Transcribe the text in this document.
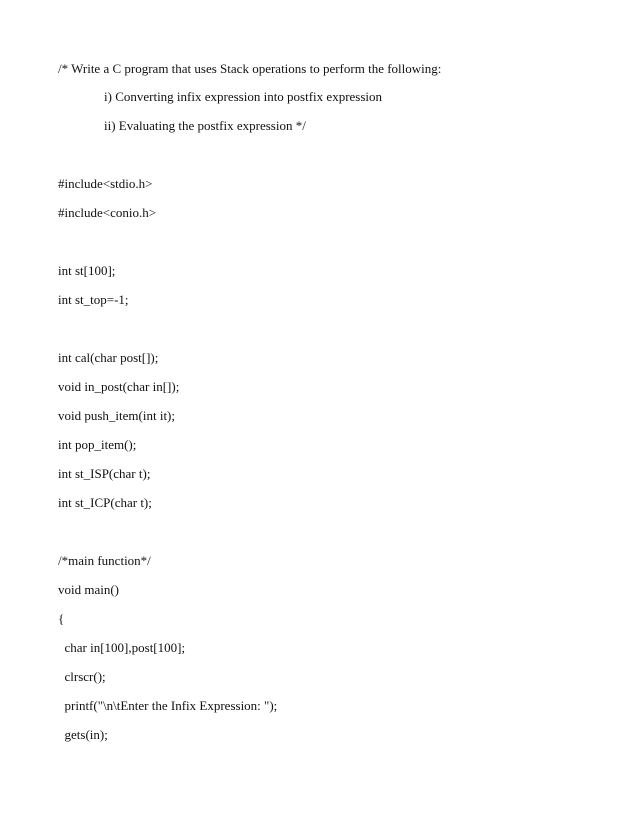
/* Write a C program that uses Stack operations to perform the following:
i) Converting infix expression into postfix expression
ii) Evaluating the postfix expression */
#include<stdio.h>
#include<conio.h>
int st[100];
int st_top=-1;
int cal(char post[]);
void in_post(char in[]);
void push_item(int it);
int pop_item();
int st_ISP(char t);
int st_ICP(char t);
/*main function*/
void main()
{
char in[100],post[100];
clrscr();
printf("\n\tEnter the Infix Expression: ");
gets(in);
